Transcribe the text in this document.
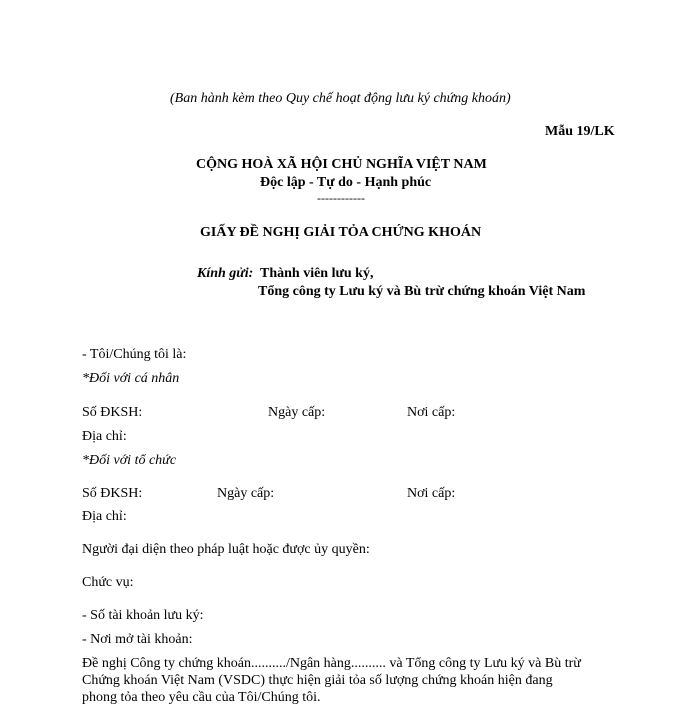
(Ban hành kèm theo Quy chế hoạt động lưu ký chứng khoán)
Mẫu 19/LK
CỘNG HOÀ XÃ HỘI CHỦ NGHĨA VIỆT NAM
Độc lập - Tự do - Hạnh phúc
------------
GIẤY ĐỀ NGHỊ GIẢI TỎA CHỨNG KHOÁN
Kính gửi: Thành viên lưu ký,
Tổng công ty Lưu ký và Bù trừ chứng khoán Việt Nam
- Tôi/Chúng tôi là:
*Đối với cá nhân
Số ĐKSH:	Ngày cấp:	Nơi cấp:
Địa chỉ:
*Đối với tổ chức
Số ĐKSH:	Ngày cấp:	Nơi cấp:
Địa chỉ:
Người đại diện theo pháp luật hoặc được ủy quyền:
Chức vụ:
- Số tài khoản lưu ký:
- Nơi mở tài khoản:
Đề nghị Công ty chứng khoán........../Ngân hàng.......... và Tổng công ty Lưu ký và Bù trừ
Chứng khoán Việt Nam (VSDC) thực hiện giải tỏa số lượng chứng khoán hiện đang
phong tỏa theo yêu cầu của Tôi/Chúng tôi.
